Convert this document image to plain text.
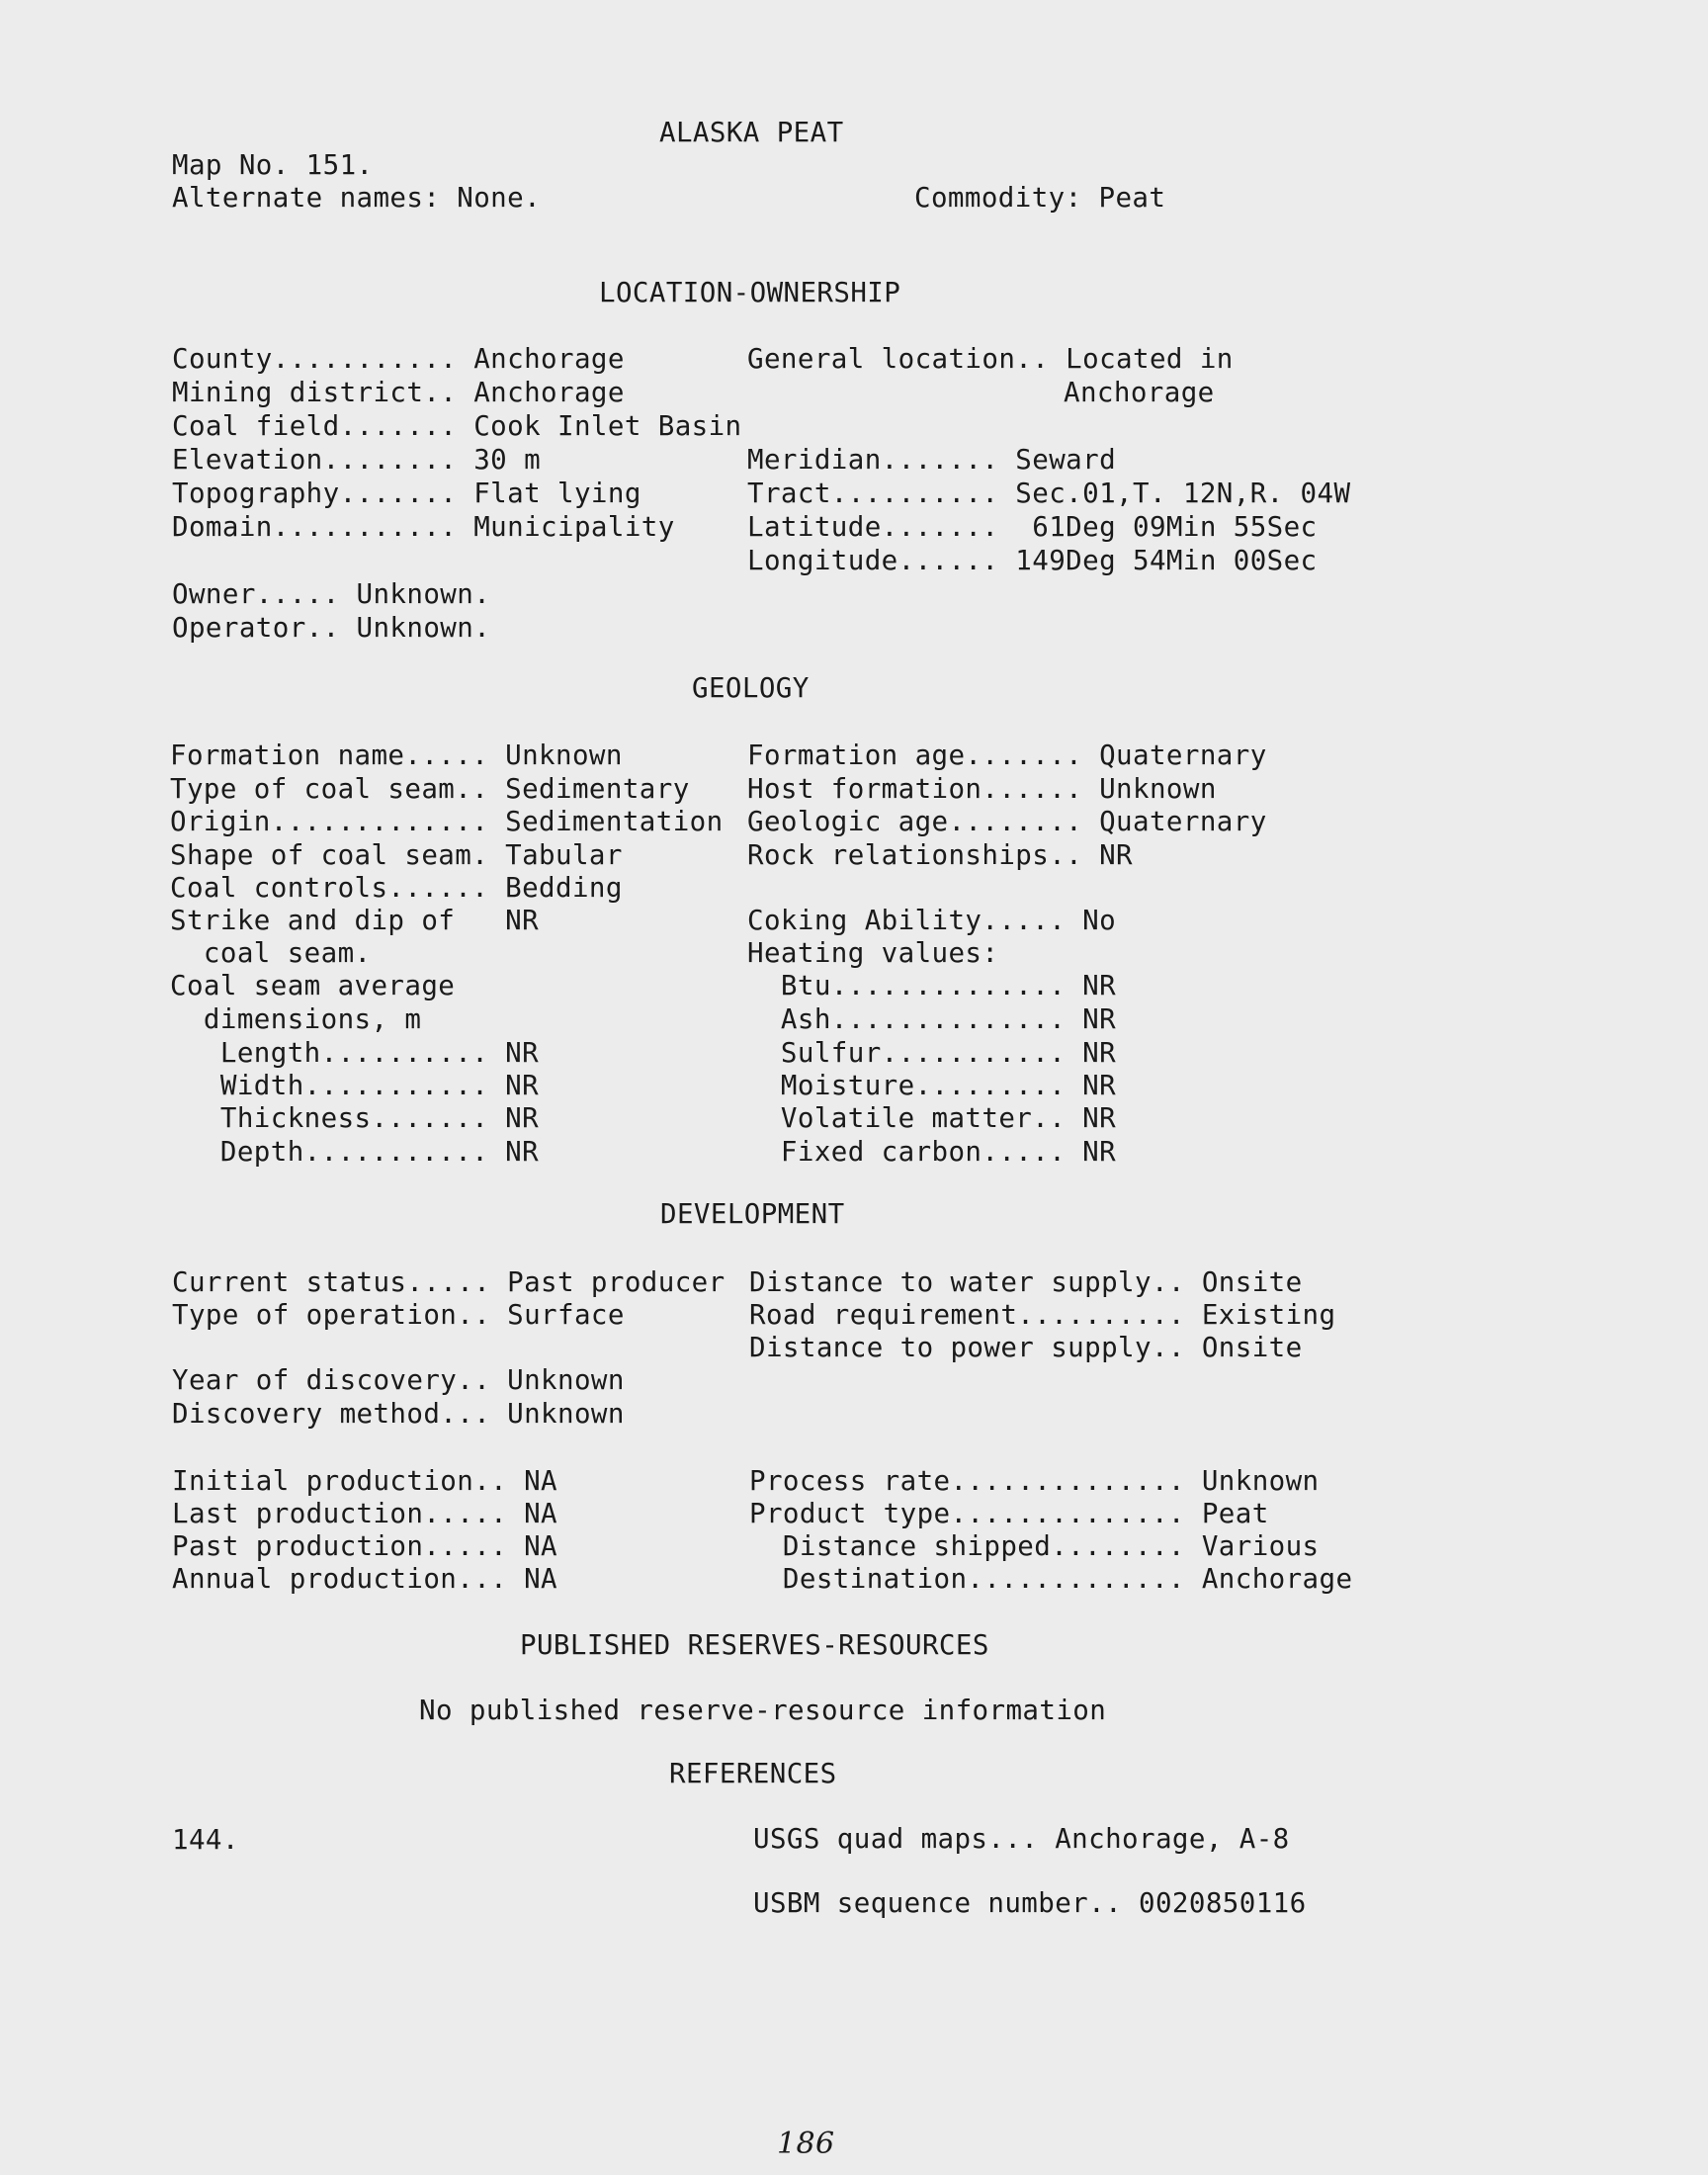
ALASKA PEAT
Map No. 151.
Alternate names: None.	Commodity: Peat
LOCATION-OWNERSHIP
County........... Anchorage
Mining district.. Anchorage
Coal field....... Cook Inlet Basin
Elevation........ 30 m
Topography....... Flat lying
Domain........... Municipality
General location.. Located in
Anchorage
Meridian....... Seward
Tract.......... Sec.01,T. 12N,R. 04W
Latitude.......  61Deg 09Min 55Sec
Longitude...... 149Deg 54Min 00Sec
Owner..... Unknown.
Operator.. Unknown.
GEOLOGY
Formation name..... Unknown
Type of coal seam.. Sedimentary
Origin............. Sedimentation
Shape of coal seam. Tabular
Coal controls...... Bedding
Strike and dip of   NR
coal seam.
Coal seam average
dimensions, m
Length.......... NR
Width........... NR
Thickness....... NR
Depth........... NR
Formation age....... Quaternary
Host formation...... Unknown
Geologic age........ Quaternary
Rock relationships.. NR
Coking Ability..... No
Heating values:
Btu.............. NR
Ash.............. NR
Sulfur........... NR
Moisture......... NR
Volatile matter.. NR
Fixed carbon..... NR
DEVELOPMENT
Current status..... Past producer
Type of operation.. Surface
Distance to water supply.. Onsite
Road requirement.......... Existing
Distance to power supply.. Onsite
Year of discovery.. Unknown
Discovery method... Unknown
Initial production.. NA
Last production..... NA
Past production..... NA
Annual production... NA
Process rate.............. Unknown
Product type.............. Peat
Distance shipped........ Various
Destination............. Anchorage
PUBLISHED RESERVES-RESOURCES
No published reserve-resource information
REFERENCES
144.	USGS quad maps... Anchorage, A-8
USBM sequence number.. 0020850116
186
